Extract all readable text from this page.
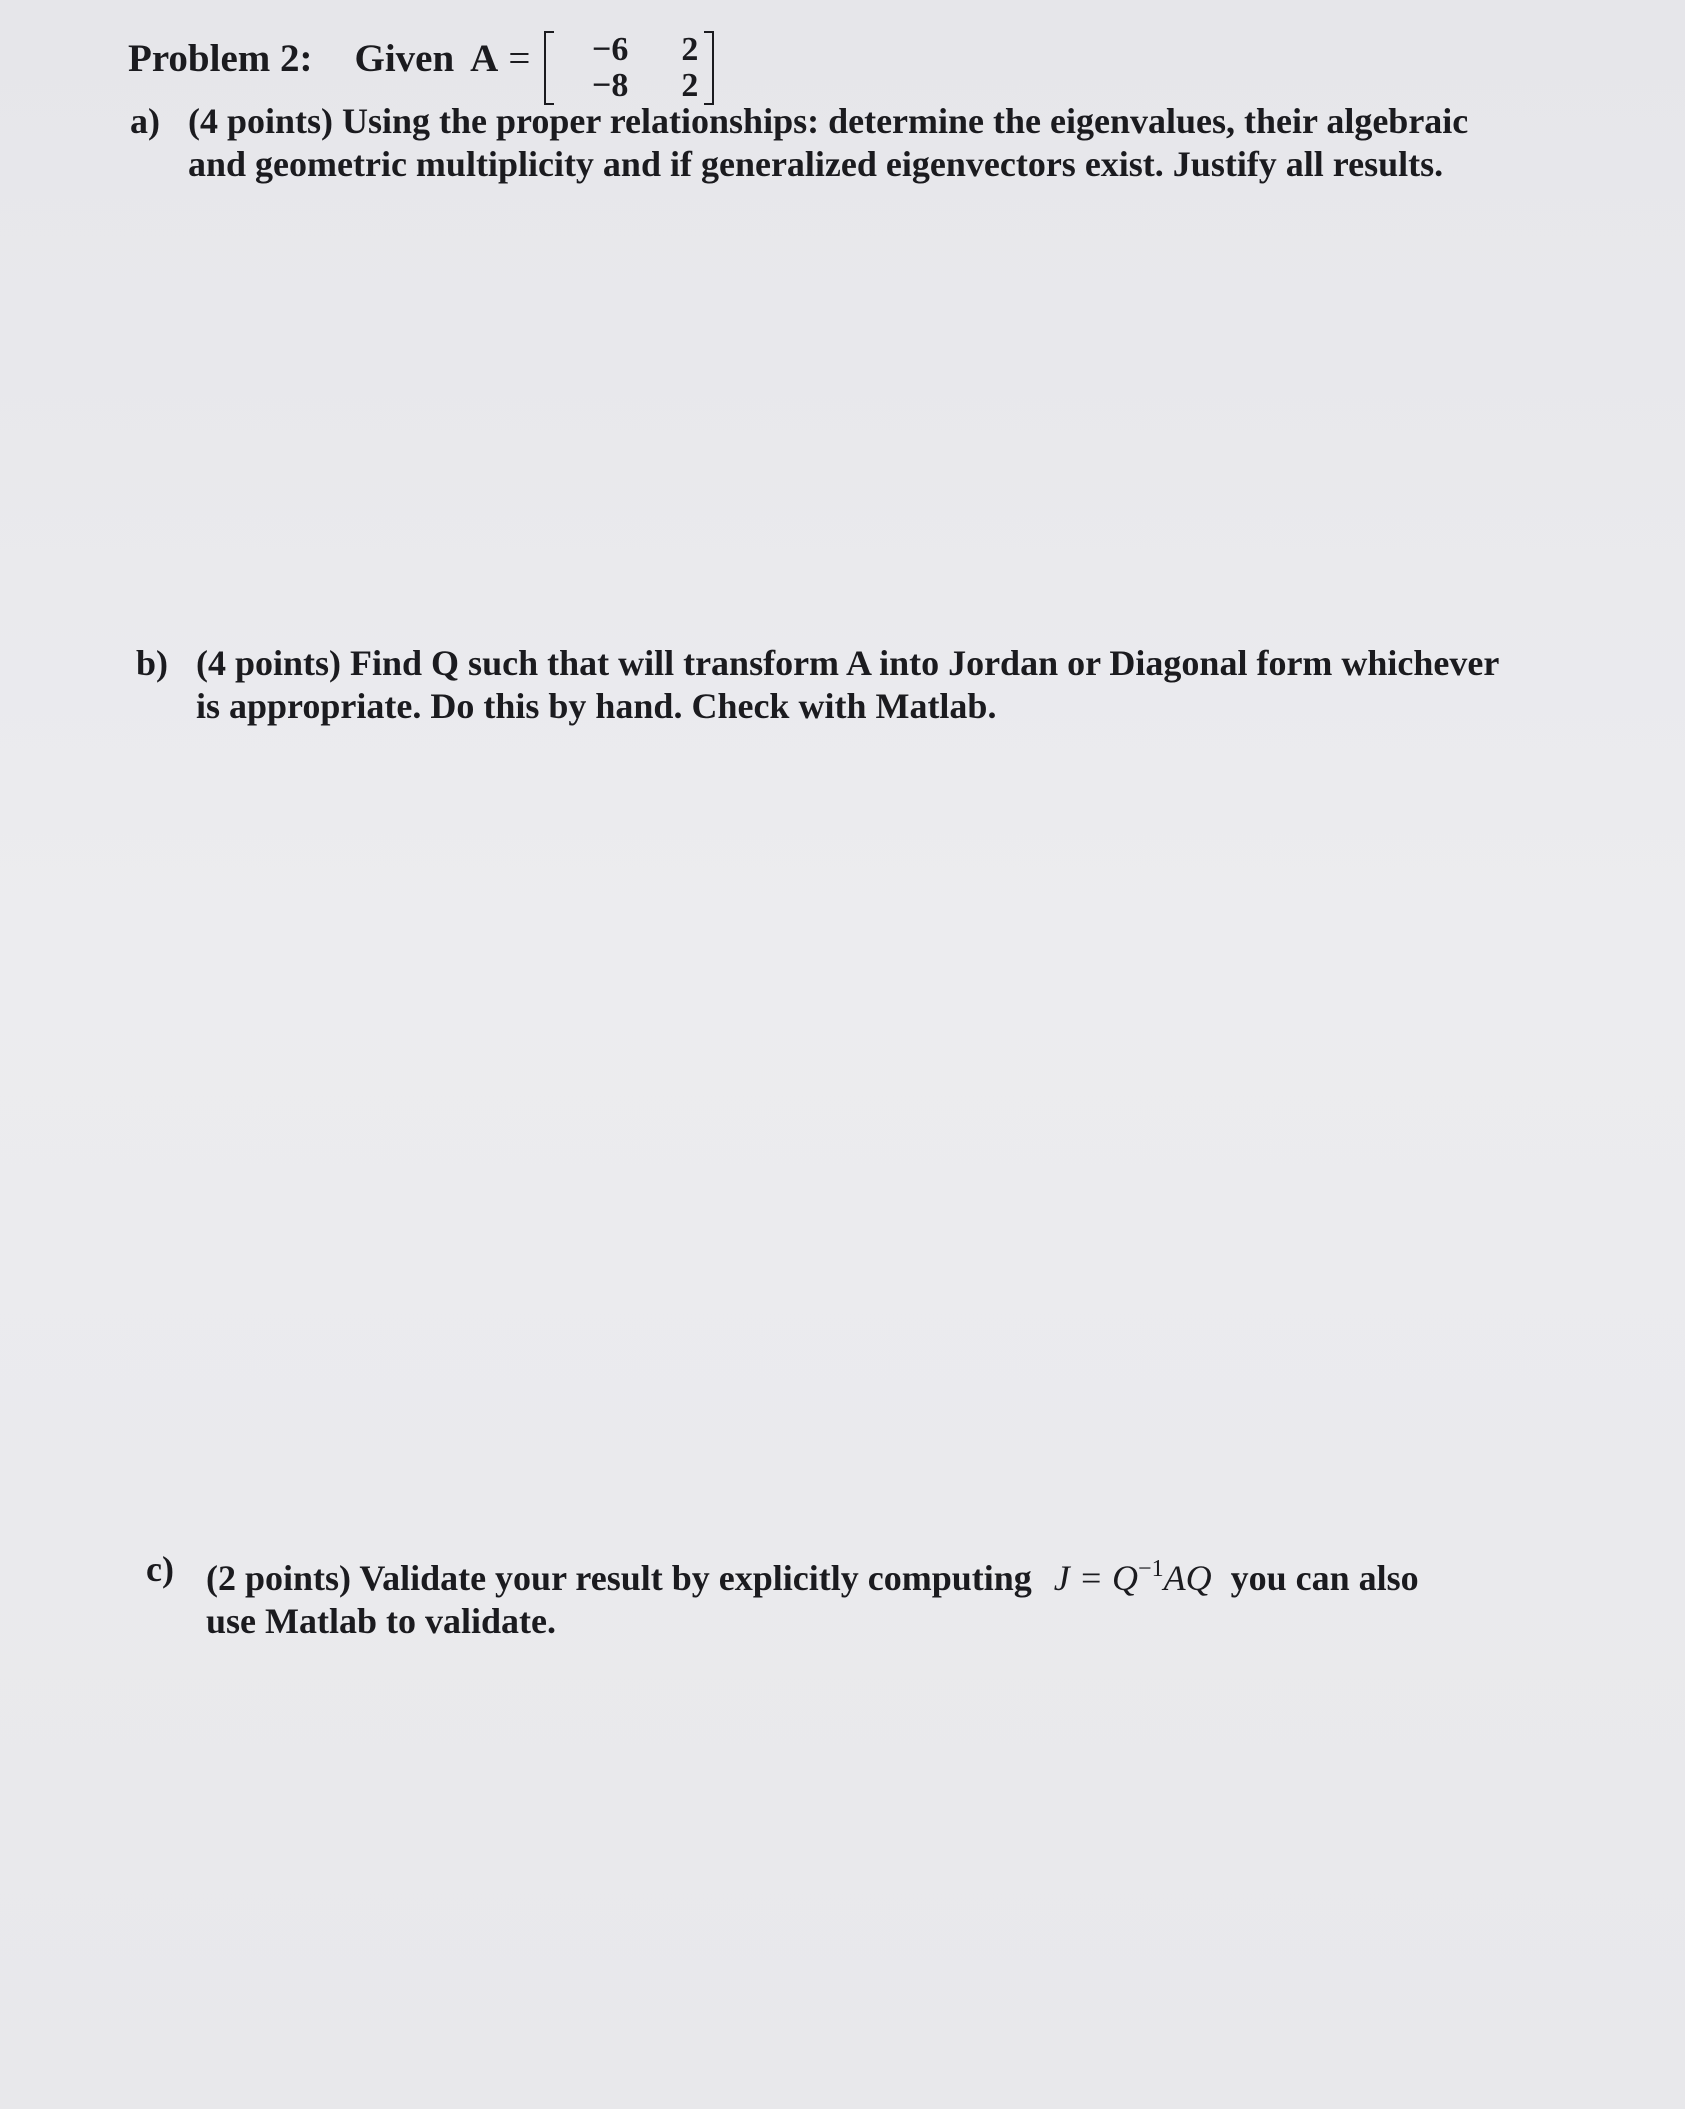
Problem 2: Given A =	−6	2
−8	2
a) (4 points) Using the proper relationships: determine the eigenvalues, their algebraic
and geometric multiplicity and if generalized eigenvectors exist. Justify all results.
b) (4 points) Find Q such that will transform A into Jordan or Diagonal form whichever
is appropriate. Do this by hand. Check with Matlab.
c) (2 points) Validate your result by explicitly computing $J = Q^{-1}AQ$ you can also
use Matlab to validate.
